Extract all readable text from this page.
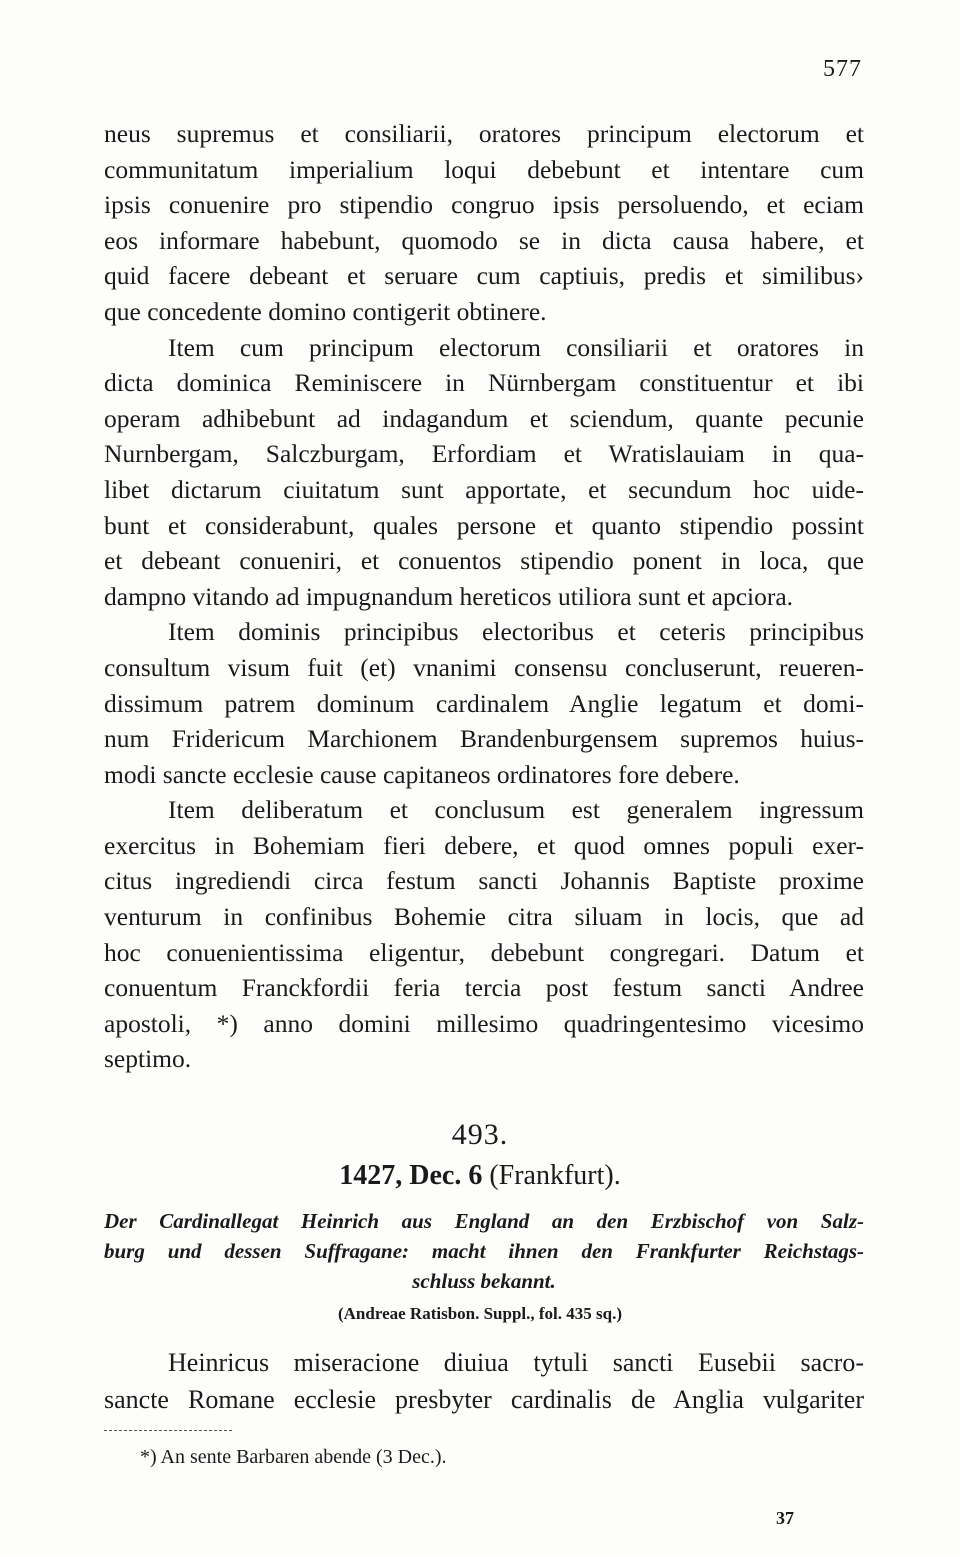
577
neus supremus et consiliarii, oratores principum electorum et
communitatum imperialium loqui debebunt et intentare cum
ipsis conuenire pro stipendio congruo ipsis persoluendo, et eciam
eos informare habebunt, quomodo se in dicta causa habere, et
quid facere debeant et seruare cum captiuis, predis et similibus›
que concedente domino contigerit obtinere.
Item cum principum electorum consiliarii et oratores in
dicta dominica Reminiscere in Nürnbergam constituentur et ibi
operam adhibebunt ad indagandum et sciendum, quante pecunie
Nurnbergam, Salczburgam, Erfordiam et Wratislauiam in qua-
libet dictarum ciuitatum sunt apportate, et secundum hoc uide-
bunt et considerabunt, quales persone et quanto stipendio possint
et debeant conueniri, et conuentos stipendio ponent in loca, que
dampno vitando ad impugnandum hereticos utiliora sunt et apciora.
Item dominis principibus electoribus et ceteris principibus
consultum visum fuit (et) vnanimi consensu concluserunt, reueren-
dissimum patrem dominum cardinalem Anglie legatum et domi-
num Fridericum Marchionem Brandenburgensem supremos huius-
modi sancte ecclesie cause capitaneos ordinatores fore debere.
Item deliberatum et conclusum est generalem ingressum
exercitus in Bohemiam fieri debere, et quod omnes populi exer-
citus ingrediendi circa festum sancti Johannis Baptiste proxime
venturum in confinibus Bohemie citra siluam in locis, que ad
hoc conuenientissima eligentur, debebunt congregari. Datum et
conuentum Franckfordii feria tercia post festum sancti Andree
apostoli, *) anno domini millesimo quadringentesimo vicesimo
septimo.
493.
1427, Dec. 6 (Frankfurt).
Der Cardinallegat Heinrich aus England an den Erzbischof von Salz-
burg und dessen Suffragane: macht ihnen den Frankfurter Reichstags-
schluss bekannt.
(Andreae Ratisbon. Suppl., fol. 435 sq.)
Heinricus miseracione diuiua tytuli sancti Eusebii sacro-
sancte Romane ecclesie presbyter cardinalis de Anglia vulgariter
*) An sente Barbaren abende (3 Dec.).
37
